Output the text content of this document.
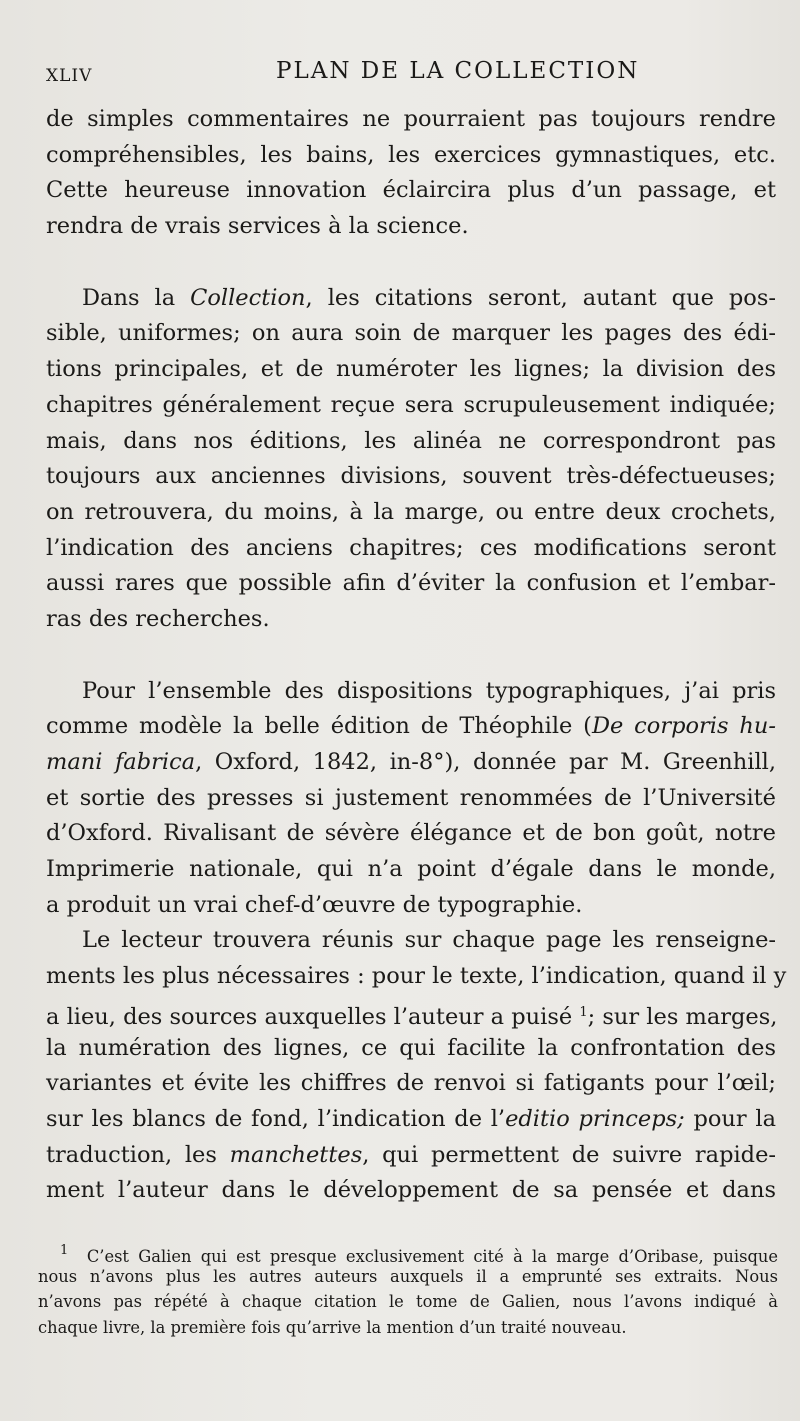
XLIV	PLAN DE LA COLLECTION
de simples commentaires ne pourraient pas toujours rendre
compréhensibles, les bains, les exercices gymnastiques, etc.
Cette heureuse innovation éclaircira plus d’un passage, et
rendra de vrais services à la science.
Dans la Collection, les citations seront, autant que pos-
sible, uniformes; on aura soin de marquer les pages des édi-
tions principales, et de numéroter les lignes; la division des
chapitres généralement reçue sera scrupuleusement indiquée;
mais, dans nos éditions, les alinéa ne correspondront pas
toujours aux anciennes divisions, souvent très-défectueuses;
on retrouvera, du moins, à la marge, ou entre deux crochets,
l’indication des anciens chapitres; ces modifications seront
aussi rares que possible afin d’éviter la confusion et l’embar-
ras des recherches.
Pour l’ensemble des dispositions typographiques, j’ai pris
comme modèle la belle édition de Théophile (De corporis hu-
mani fabrica, Oxford, 1842, in-8°), donnée par M. Greenhill,
et sortie des presses si justement renommées de l’Université
d’Oxford. Rivalisant de sévère élégance et de bon goût, notre
Imprimerie nationale, qui n’a point d’égale dans le monde,
a produit un vrai chef-d’œuvre de typographie.
Le lecteur trouvera réunis sur chaque page les renseigne-
ments les plus nécessaires : pour le texte, l’indication, quand il y
a lieu, des sources auxquelles l’auteur a puisé $^1$; sur les marges,
la numération des lignes, ce qui facilite la confrontation des
variantes et évite les chiffres de renvoi si fatigants pour l’œil;
sur les blancs de fond, l’indication de l’editio princeps; pour la
traduction, les manchettes, qui permettent de suivre rapide-
ment l’auteur dans le développement de sa pensée et dans
$^1$ C’est Galien qui est presque exclusivement cité à la marge d’Oribase, puisque
nous n’avons plus les autres auteurs auxquels il a emprunté ses extraits. Nous
n’avons pas répété à chaque citation le tome de Galien, nous l’avons indiqué à
chaque livre, la première fois qu’arrive la mention d’un traité nouveau.
